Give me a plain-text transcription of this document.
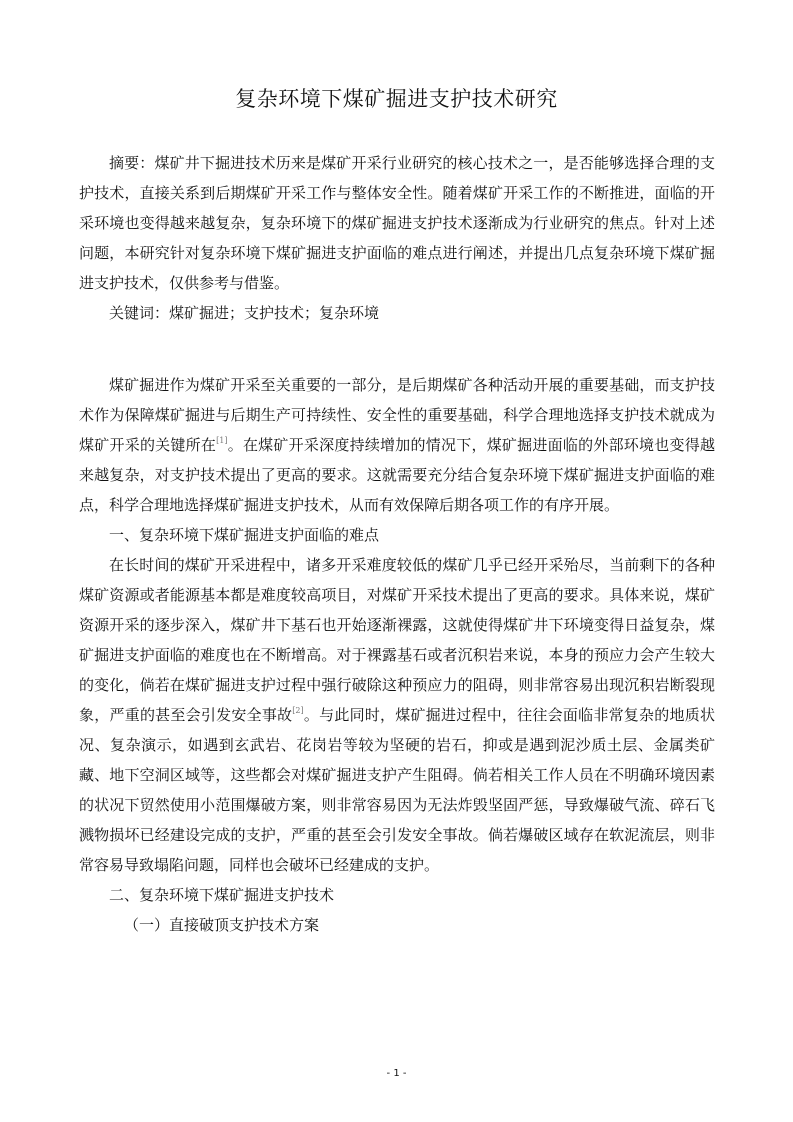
复杂环境下煤矿掘进支护技术研究

摘要：煤矿井下掘进技术历来是煤矿开采行业研究的核心技术之一，是否能够选择合理的支护技术，直接关系到后期煤矿开采工作与整体安全性。随着煤矿开采工作的不断推进，面临的开采环境也变得越来越复杂，复杂环境下的煤矿掘进支护技术逐渐成为行业研究的焦点。针对上述问题，本研究针对复杂环境下煤矿掘进支护面临的难点进行阐述，并提出几点复杂环境下煤矿掘进支护技术，仅供参考与借鉴。

关键词：煤矿掘进；支护技术；复杂环境

煤矿掘进作为煤矿开采至关重要的一部分，是后期煤矿各种活动开展的重要基础，而支护技术作为保障煤矿掘进与后期生产可持续性、安全性的重要基础，科学合理地选择支护技术就成为煤矿开采的关键所在[1]。在煤矿开采深度持续增加的情况下，煤矿掘进面临的外部环境也变得越来越复杂，对支护技术提出了更高的要求。这就需要充分结合复杂环境下煤矿掘进支护面临的难点，科学合理地选择煤矿掘进支护技术，从而有效保障后期各项工作的有序开展。

一、复杂环境下煤矿掘进支护面临的难点

在长时间的煤矿开采进程中，诸多开采难度较低的煤矿几乎已经开采殆尽，当前剩下的各种煤矿资源或者能源基本都是难度较高项目，对煤矿开采技术提出了更高的要求。具体来说，煤矿资源开采的逐步深入，煤矿井下基石也开始逐渐裸露，这就使得煤矿井下环境变得日益复杂，煤矿掘进支护面临的难度也在不断增高。对于裸露基石或者沉积岩来说，本身的预应力会产生较大的变化，倘若在煤矿掘进支护过程中强行破除这种预应力的阻碍，则非常容易出现沉积岩断裂现象，严重的甚至会引发安全事故[2]。与此同时，煤矿掘进过程中，往往会面临非常复杂的地质状况、复杂演示，如遇到玄武岩、花岗岩等较为坚硬的岩石，抑或是遇到泥沙质土层、金属类矿藏、地下空洞区域等，这些都会对煤矿掘进支护产生阻碍。倘若相关工作人员在不明确环境因素的状况下贸然使用小范围爆破方案，则非常容易因为无法炸毁坚固严惩，导致爆破气流、碎石飞溅物损坏已经建设完成的支护，严重的甚至会引发安全事故。倘若爆破区域存在软泥流层，则非常容易导致塌陷问题，同样也会破坏已经建成的支护。

二、复杂环境下煤矿掘进支护技术

（一）直接破顶支护技术方案

- 1 -
